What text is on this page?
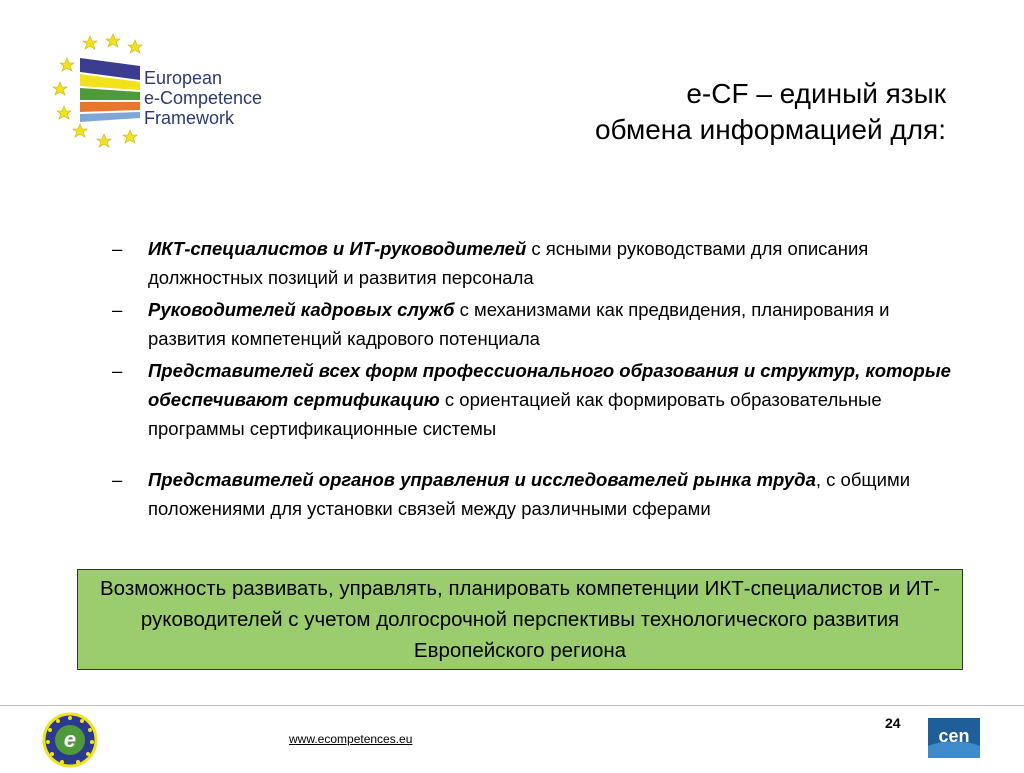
European
e-Competence
Framework
e-CF – единый язык
обмена информацией для:
– ИКТ-специалистов и ИТ-руководителей с ясными руководствами для описания должностных позиций и развития персонала
– Руководителей кадровых служб с механизмами как предвидения, планирования и развития компетенций кадрового потенциала
– Представителей всех форм профессионального образования и структур, которые обеспечивают сертификацию с ориентацией как формировать образовательные программы сертификационные системы
– Представителей органов управления и исследователей рынка труда, с общими положениями для установки связей между различными сферами
Возможность развивать, управлять, планировать компетенции ИКТ-специалистов и ИТ-руководителей с учетом долгосрочной перспективы технологического развития Европейского региона
e	www.ecompetences.eu
24
cen
